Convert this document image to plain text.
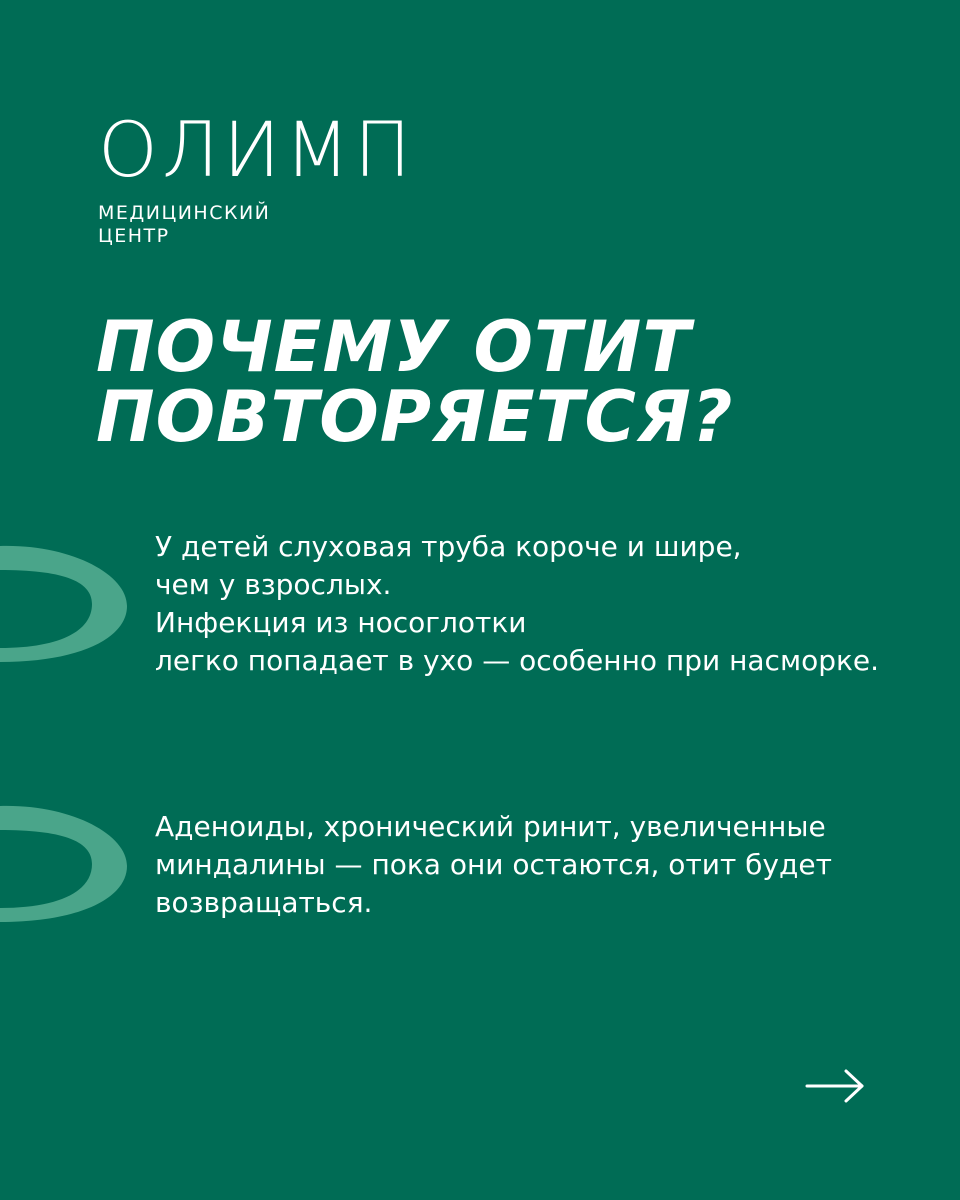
ОЛИМП
МЕДИЦИНСКИЙ
ЦЕНТР
ПОЧЕМУ ОТИТ
ПОВТОРЯЕТСЯ?
У детей слуховая труба короче и шире,
чем у взрослых.
Инфекция из носоглотки
легко попадает в ухо — особенно при насморке.
Аденоиды, хронический ринит, увеличенные
миндалины — пока они остаются, отит будет
возвращаться.
